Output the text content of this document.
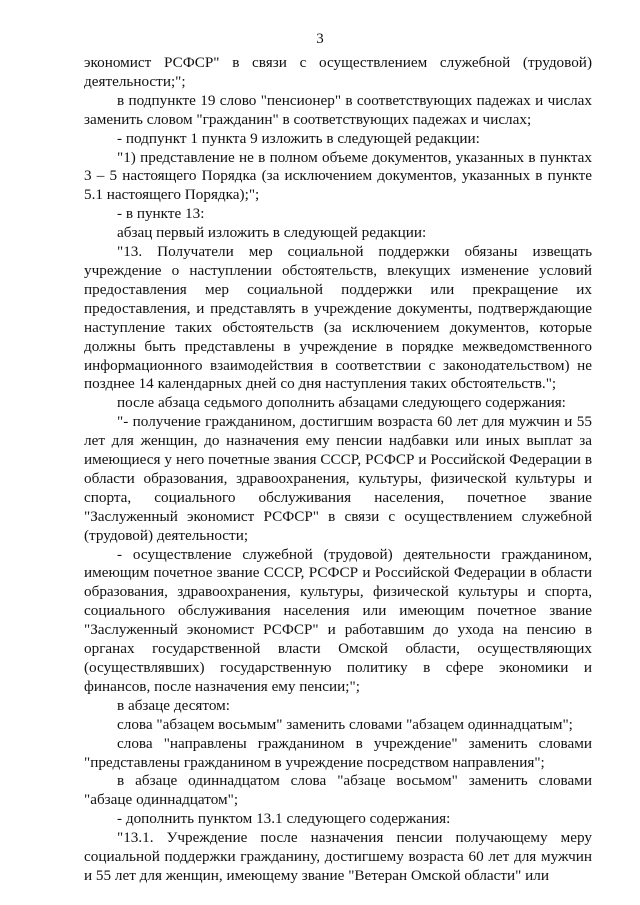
3

экономист РСФСР" в связи с осуществлением служебной (трудовой) деятельности;";

в подпункте 19 слово "пенсионер" в соответствующих падежах и числах заменить словом "гражданин" в соответствующих падежах и числах;

- подпункт 1 пункта 9 изложить в следующей редакции:

"1) представление не в полном объеме документов, указанных в пунктах 3 – 5 настоящего Порядка (за исключением документов, указанных в пункте 5.1 настоящего Порядка);";

- в пункте 13:

абзац первый изложить в следующей редакции:

"13. Получатели мер социальной поддержки обязаны извещать учреждение о наступлении обстоятельств, влекущих изменение условий предоставления мер социальной поддержки или прекращение их предоставления, и представлять в учреждение документы, подтверждающие наступление таких обстоятельств (за исключением документов, которые должны быть представлены в учреждение в порядке межведомственного информационного взаимодействия в соответствии с законодательством) не позднее 14 календарных дней со дня наступления таких обстоятельств.";

после абзаца седьмого дополнить абзацами следующего содержания:

"- получение гражданином, достигшим возраста 60 лет для мужчин и 55 лет для женщин, до назначения ему пенсии надбавки или иных выплат за имеющиеся у него почетные звания СССР, РСФСР и Российской Федерации в области образования, здравоохранения, культуры, физической культуры и спорта, социального обслуживания населения, почетное звание "Заслуженный экономист РСФСР" в связи с осуществлением служебной (трудовой) деятельности;

- осуществление служебной (трудовой) деятельности гражданином, имеющим почетное звание СССР, РСФСР и Российской Федерации в области образования, здравоохранения, культуры, физической культуры и спорта, социального обслуживания населения или имеющим почетное звание "Заслуженный экономист РСФСР" и работавшим до ухода на пенсию в органах государственной власти Омской области, осуществляющих (осуществлявших) государственную политику в сфере экономики и финансов, после назначения ему пенсии;";

в абзаце десятом:

слова "абзацем восьмым" заменить словами "абзацем одиннадцатым";

слова "направлены гражданином в учреждение" заменить словами "представлены гражданином в учреждение посредством направления";

в абзаце одиннадцатом слова "абзаце восьмом" заменить словами "абзаце одиннадцатом";

- дополнить пунктом 13.1 следующего содержания:

"13.1. Учреждение после назначения пенсии получающему меру социальной поддержки гражданину, достигшему возраста 60 лет для мужчин и 55 лет для женщин, имеющему звание "Ветеран Омской области" или
